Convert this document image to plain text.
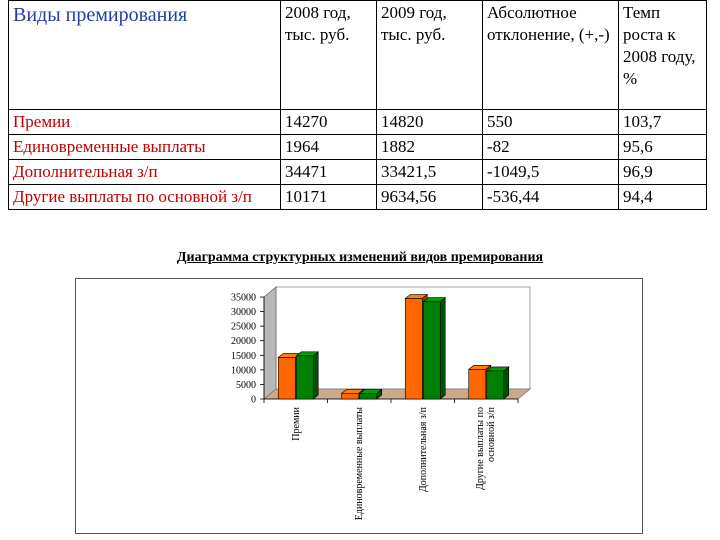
Виды премирования	2008 год, тыс. руб.	2009 год, тыс. руб.	Абсолютное отклонение, (+,-)	Темп роста к 2008 году, %
Премии	14270	14820	550	103,7
Единовременные выплаты	1964	1882	-82	95,6
Дополнительная з/п	34471	33421,5	-1049,5	96,9
Другие выплаты по основной з/п	10171	9634,56	-536,44	94,4
Диаграмма структурных изменений видов премирования
0
5000
10000
15000
20000
25000
30000
35000
Премии	Единовременные выплаты	Дополнительная з/п	Другие выплаты по основной з/п
